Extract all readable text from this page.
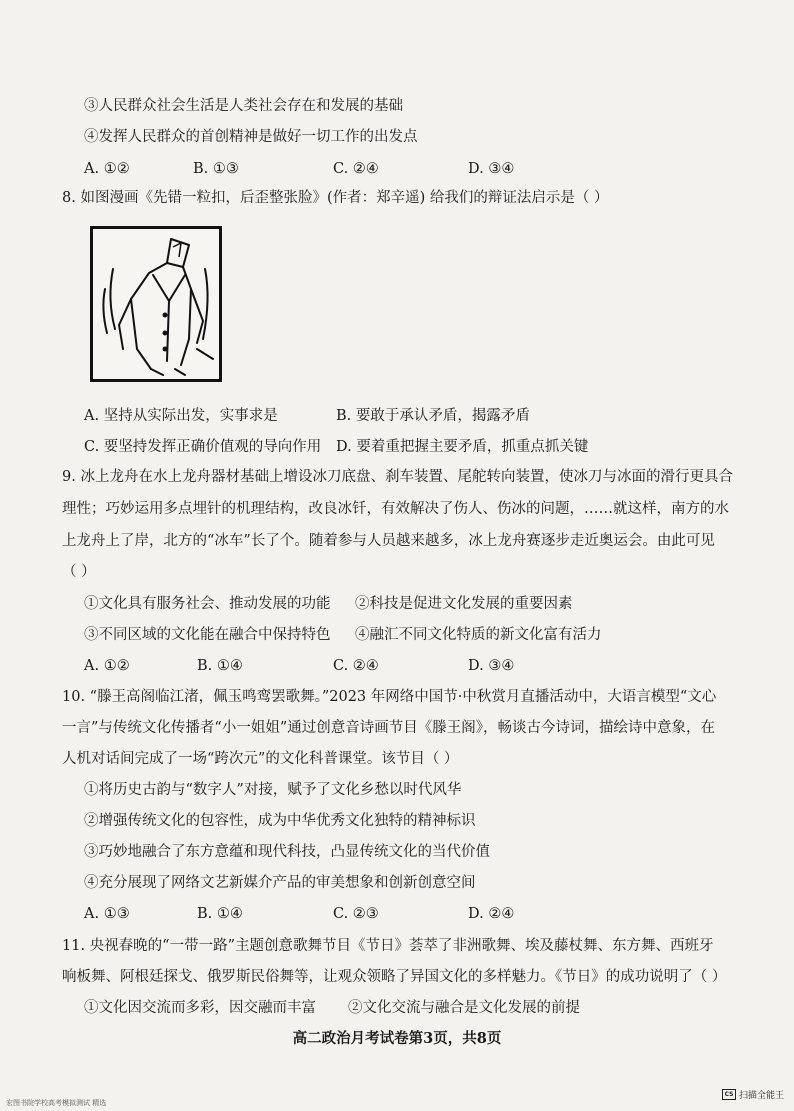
③人民群众社会生活是人类社会存在和发展的基础
④发挥人民群众的首创精神是做好一切工作的出发点
A. ①②	B. ①③	C. ②④	D. ③④
8. 如图漫画《先错一粒扣，后歪整张脸》(作者：郑辛遥) 给我们的辩证法启示是（ ）
A. 坚持从实际出发，实事求是	B. 要敢于承认矛盾，揭露矛盾
C. 要坚持发挥正确价值观的导向作用 D. 要着重把握主要矛盾，抓重点抓关键
9. 冰上龙舟在水上龙舟器材基础上增设冰刀底盘、刹车装置、尾舵转向装置，使冰刀与冰面的滑行更具合
理性；巧妙运用多点埋针的机理结构，改良冰钎，有效解决了伤人、伤冰的问题，……就这样，南方的水
上龙舟上了岸，北方的“冰车”长了个。随着参与人员越来越多，冰上龙舟赛逐步走近奥运会。由此可见
（ ）
①文化具有服务社会、推动发展的功能 ②科技是促进文化发展的重要因素
③不同区域的文化能在融合中保持特色 ④融汇不同文化特质的新文化富有活力
A. ①②	B. ①④	C. ②④	D. ③④
10. “滕王高阁临江渚，佩玉鸣鸾罢歌舞。”2023 年网络中国节·中秋赏月直播活动中，大语言模型“文心
一言”与传统文化传播者“小一姐姐”通过创意音诗画节目《滕王阁》，畅谈古今诗词，描绘诗中意象，在
人机对话间完成了一场“跨次元”的文化科普课堂。该节目（ ）
①将历史古韵与“数字人”对接，赋予了文化乡愁以时代风华
②增强传统文化的包容性，成为中华优秀文化独特的精神标识
③巧妙地融合了东方意蕴和现代科技，凸显传统文化的当代价值
④充分展现了网络文艺新媒介产品的审美想象和创新创意空间
A. ①③	B. ①④	C. ②③	D. ②④
11. 央视春晚的“一带一路”主题创意歌舞节目《节日》荟萃了非洲歌舞、埃及藤杖舞、东方舞、西班牙
响板舞、阿根廷探戈、俄罗斯民俗舞等，让观众领略了异国文化的多样魅力。《节日》的成功说明了（ ）
①文化因交流而多彩，因交融而丰富 ②文化交流与融合是文化发展的前提
高二政治月考试卷第3页，共8页
宏图书院学校高考模拟测试 精选
CS 扫描全能王
